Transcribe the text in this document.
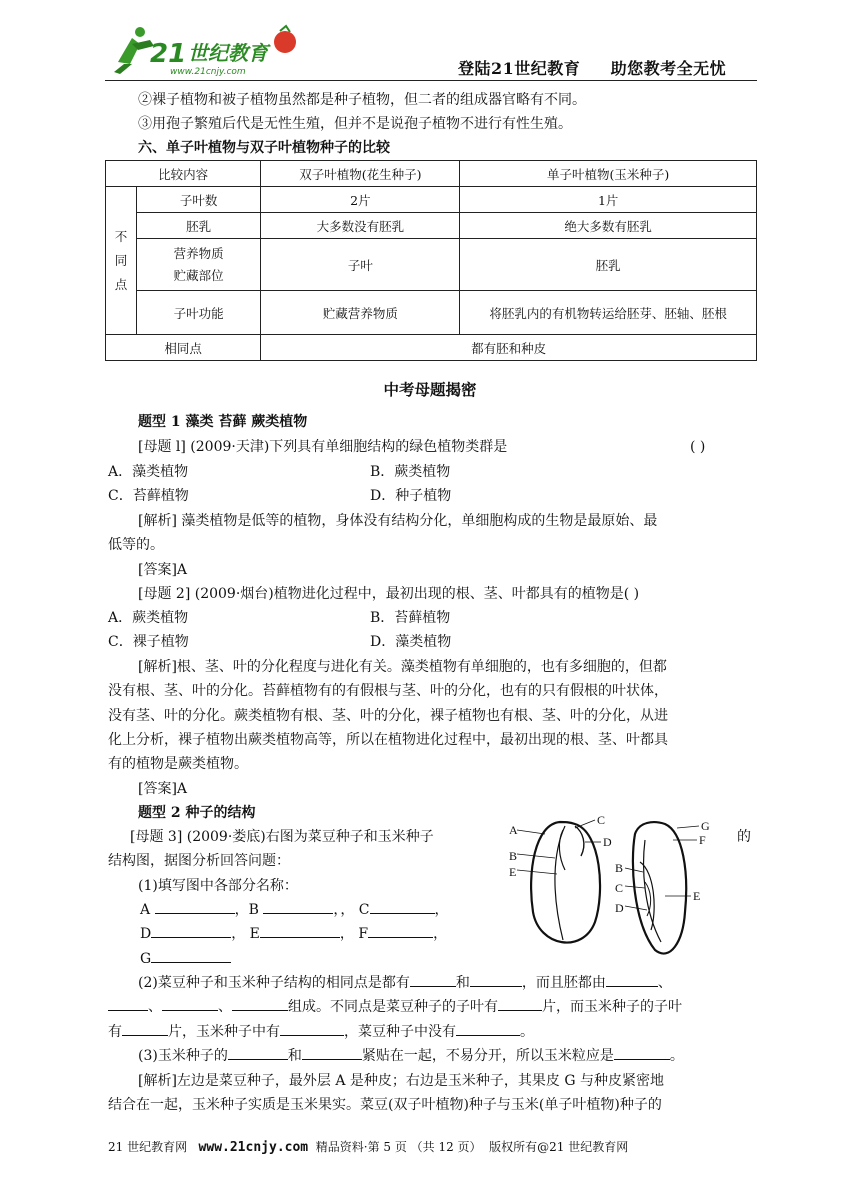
21 世纪教育
www.21cnjy.com	登陆21世纪教育     助您教考全无忧
②裸子植物和被子植物虽然都是种子植物，但二者的组成器官略有不同。
③用孢子繁殖后代是无性生殖，但并不是说孢子植物不进行有性生殖。
六、单子叶植物与双子叶植物种子的比较
比较内容		双子叶植物(花生种子)	单子叶植物(玉米种子)

不
同
点	子叶数	2片	1片
	胚乳	大多数没有胚乳	绝大多数有胚乳
	营养物质
贮藏部位	子叶	胚乳
	子叶功能	贮藏营养物质	将胚乳内的有机物转运给胚芽、胚轴、胚根
相同点		都有胚和种皮	
中考母题揭密
题型 1 藻类 苔藓 蕨类植物
[母题 l] (2009·天津)下列具有单细胞结构的绿色植物类群是	( )
A．藻类植物	B．蕨类植物
C．苔藓植物	D．种子植物
[解析] 藻类植物是低等的植物，身体没有结构分化，单细胞构成的生物是最原始、最
低等的。
[答案]A
[母题 2] (2009·烟台)植物进化过程中，最初出现的根、茎、叶都具有的植物是( )
A．蕨类植物	B．苔藓植物
C．裸子植物	D．藻类植物
[解析]根、茎、叶的分化程度与进化有关。藻类植物有单细胞的，也有多细胞的，但都
没有根、茎、叶的分化。苔藓植物有的有假根与茎、叶的分化，也有的只有假根的叶状体，
没有茎、叶的分化。蕨类植物有根、茎、叶的分化，裸子植物也有根、茎、叶的分化，从进
化上分析，裸子植物出蕨类植物高等，所以在植物进化过程中，最初出现的根、茎、叶都具
有的植物是蕨类植物。
[答案]A
题型 2 种子的结构
[母题 3] (2009·娄底)右图为菜豆种子和玉米种子	的
结构图，据图分析回答问题：
(1)填写图中各部分名称：
A	，B	，， C	，
D	， E	， F	，
G
A
B
E
C
D
G
F
B
C
D
E
(2)菜豆种子和玉米种子结构的相同点是都有	和	，而且胚都由	、
、	、	组成。不同点是菜豆种子的子叶有	片，而玉米种子的子叶
有	片，玉米种子中有	，菜豆种子中没有	。
(3)玉米种子的	和	紧贴在一起，不易分开，所以玉米粒应是	。
[解析]左边是菜豆种子，最外层 A 是种皮；右边是玉米种子，其果皮 G 与种皮紧密地
结合在一起，玉米种子实质是玉米果实。菜豆(双子叶植物)种子与玉米(单子叶植物)种子的
21 世纪教育网 www.21cnjy.com  精品资料·第 5 页 （共 12 页）  版权所有@21 世纪教育网
